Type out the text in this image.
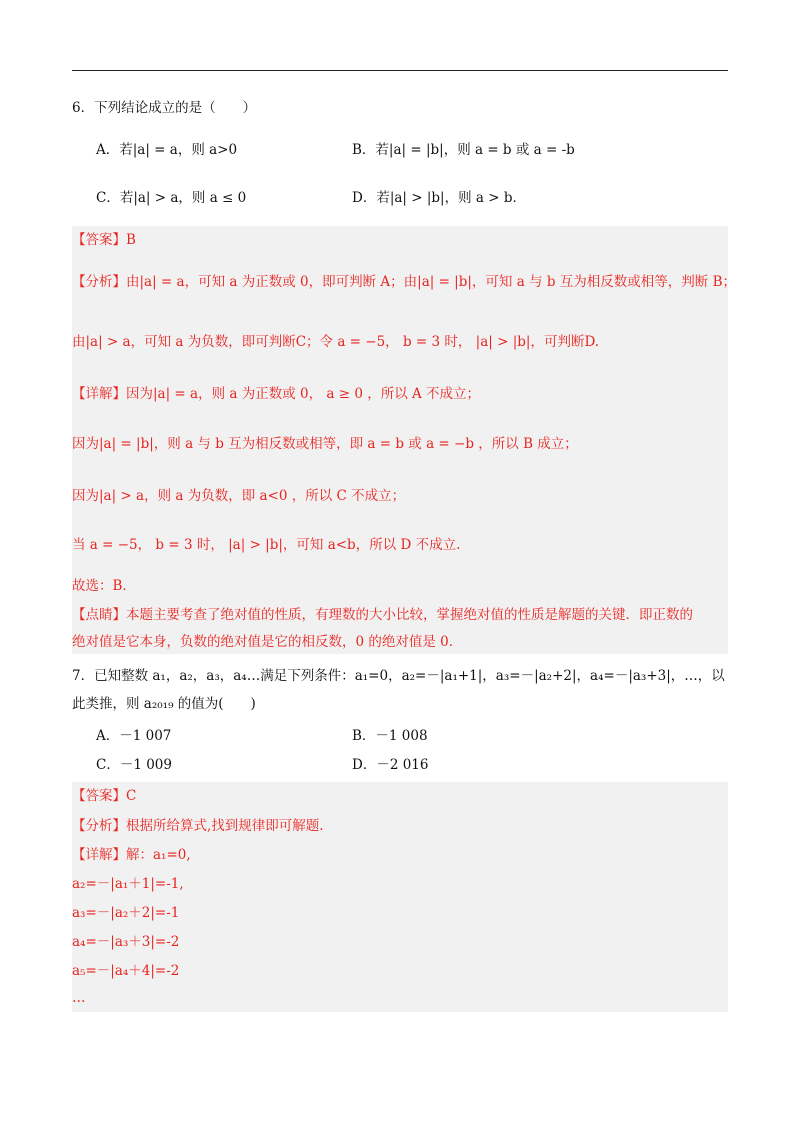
6．下列结论成立的是（　　）
A．若|a| = a，则 a>0	B．若|a| = |b|，则 a = b 或 a = -b
C．若|a| > a，则 a ≤ 0	D．若|a| > |b|，则 a > b．
【答案】B
【分析】由|a| = a，可知 a 为正数或 0，即可判断 A；由|a| = |b|，可知 a 与 b 互为相反数或相等，判断 B；
由|a| > a，可知 a 为负数，即可判断C；令 a = −5， b = 3 时， |a| > |b|，可判断D.
【详解】因为|a| = a，则 a 为正数或 0， a ≥ 0 ，所以 A 不成立；
因为|a| = |b|，则 a 与 b 互为相反数或相等，即 a = b 或 a = −b ，所以 B 成立；
因为|a| > a，则 a 为负数，即 a<0 ，所以 C 不成立；
当 a = −5， b = 3 时， |a| > |b|，可知 a<b，所以 D 不成立.
故选：B．
【点睛】本题主要考查了绝对值的性质，有理数的大小比较，掌握绝对值的性质是解题的关键．即正数的
绝对值是它本身，负数的绝对值是它的相反数，0 的绝对值是 0．
7．已知整数 a₁，a₂，a₃，a₄…满足下列条件：a₁=0，a₂=－|a₁+1|，a₃=－|a₂+2|，a₄=－|a₃+3|，…，以
此类推，则 a₂₀₁₉ 的值为(　　)
A．－1 007	B．－1 008
C．－1 009	D．－2 016
【答案】C
【分析】根据所给算式,找到规律即可解题.
【详解】解：a₁=0,
a₂=－|a₁＋1|=-1,
a₃=－|a₂＋2|=-1
a₄=－|a₃＋3|=-2
a₅=－|a₄＋4|=-2
…
